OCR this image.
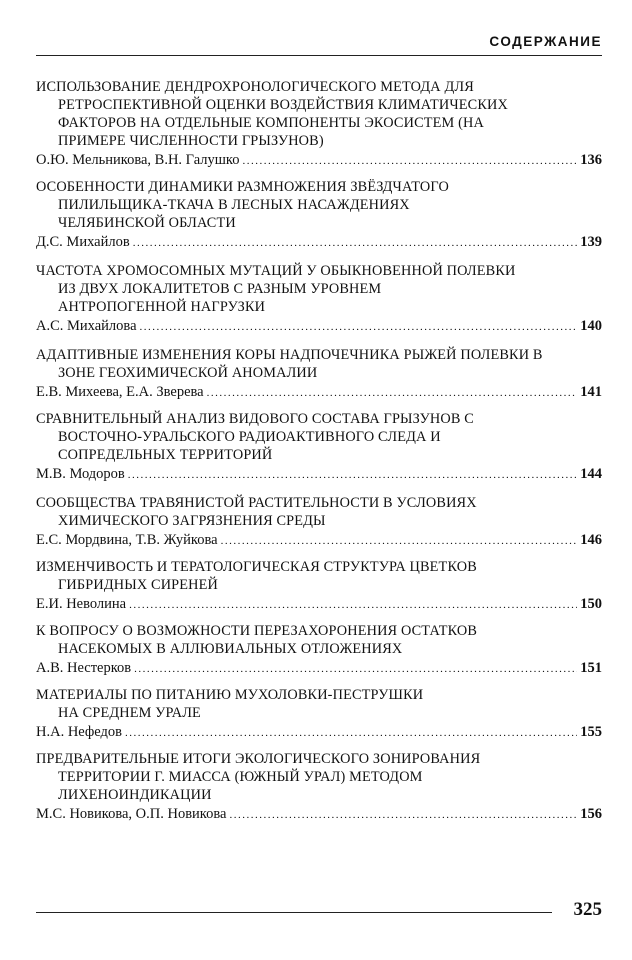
СОДЕРЖАНИЕ
ИСПОЛЬЗОВАНИЕ ДЕНДРОХРОНОЛОГИЧЕСКОГО МЕТОДА ДЛЯ
РЕТРОСПЕКТИВНОЙ ОЦЕНКИ ВОЗДЕЙСТВИЯ КЛИМАТИЧЕСКИХ
ФАКТОРОВ НА ОТДЕЛЬНЫЕ КОМПОНЕНТЫ ЭКОСИСТЕМ (НА
ПРИМЕРЕ ЧИСЛЕННОСТИ ГРЫЗУНОВ)
О.Ю. Мельникова, В.Н. Галушко .....	136
ОСОБЕННОСТИ ДИНАМИКИ РАЗМНОЖЕНИЯ ЗВЁЗДЧАТОГО
ПИЛИЛЬЩИКА-ТКАЧА В ЛЕСНЫХ НАСАЖДЕНИЯХ
ЧЕЛЯБИНСКОЙ ОБЛАСТИ
Д.С. Михайлов .....	139
ЧАСТОТА ХРОМОСОМНЫХ МУТАЦИЙ У ОБЫКНОВЕННОЙ ПОЛЕВКИ
ИЗ ДВУХ ЛОКАЛИТЕТОВ С РАЗНЫМ УРОВНЕМ
АНТРОПОГЕННОЙ НАГРУЗКИ
А.С. Михайлова .....	140
АДАПТИВНЫЕ ИЗМЕНЕНИЯ КОРЫ НАДПОЧЕЧНИКА РЫЖЕЙ ПОЛЕВКИ В
ЗОНЕ ГЕОХИМИЧЕСКОЙ АНОМАЛИИ
Е.В. Михеева, Е.А. Зверева .....	141
СРАВНИТЕЛЬНЫЙ АНАЛИЗ ВИДОВОГО СОСТАВА ГРЫЗУНОВ С
ВОСТОЧНО-УРАЛЬСКОГО РАДИОАКТИВНОГО СЛЕДА И
СОПРЕДЕЛЬНЫХ ТЕРРИТОРИЙ
М.В. Модоров .....	144
СООБЩЕСТВА ТРАВЯНИСТОЙ РАСТИТЕЛЬНОСТИ В УСЛОВИЯХ
ХИМИЧЕСКОГО ЗАГРЯЗНЕНИЯ СРЕДЫ
Е.С. Мордвина, Т.В. Жуйкова .....	146
ИЗМЕНЧИВОСТЬ И ТЕРАТОЛОГИЧЕСКАЯ СТРУКТУРА ЦВЕТКОВ
ГИБРИДНЫХ СИРЕНЕЙ
Е.И. Неволина .....	150
К ВОПРОСУ О ВОЗМОЖНОСТИ ПЕРЕЗАХОРОНЕНИЯ ОСТАТКОВ
НАСЕКОМЫХ В АЛЛЮВИАЛЬНЫХ ОТЛОЖЕНИЯХ
А.В. Нестерков .....	151
МАТЕРИАЛЫ ПО ПИТАНИЮ МУХОЛОВКИ-ПЕСТРУШКИ
НА СРЕДНЕМ УРАЛЕ
Н.А. Нефедов .....	155
ПРЕДВАРИТЕЛЬНЫЕ ИТОГИ ЭКОЛОГИЧЕСКОГО ЗОНИРОВАНИЯ
ТЕРРИТОРИИ Г. МИАССА (ЮЖНЫЙ УРАЛ) МЕТОДОМ
ЛИХЕНОИНДИКАЦИИ
М.С. Новикова, О.П. Новикова .....	156
325
